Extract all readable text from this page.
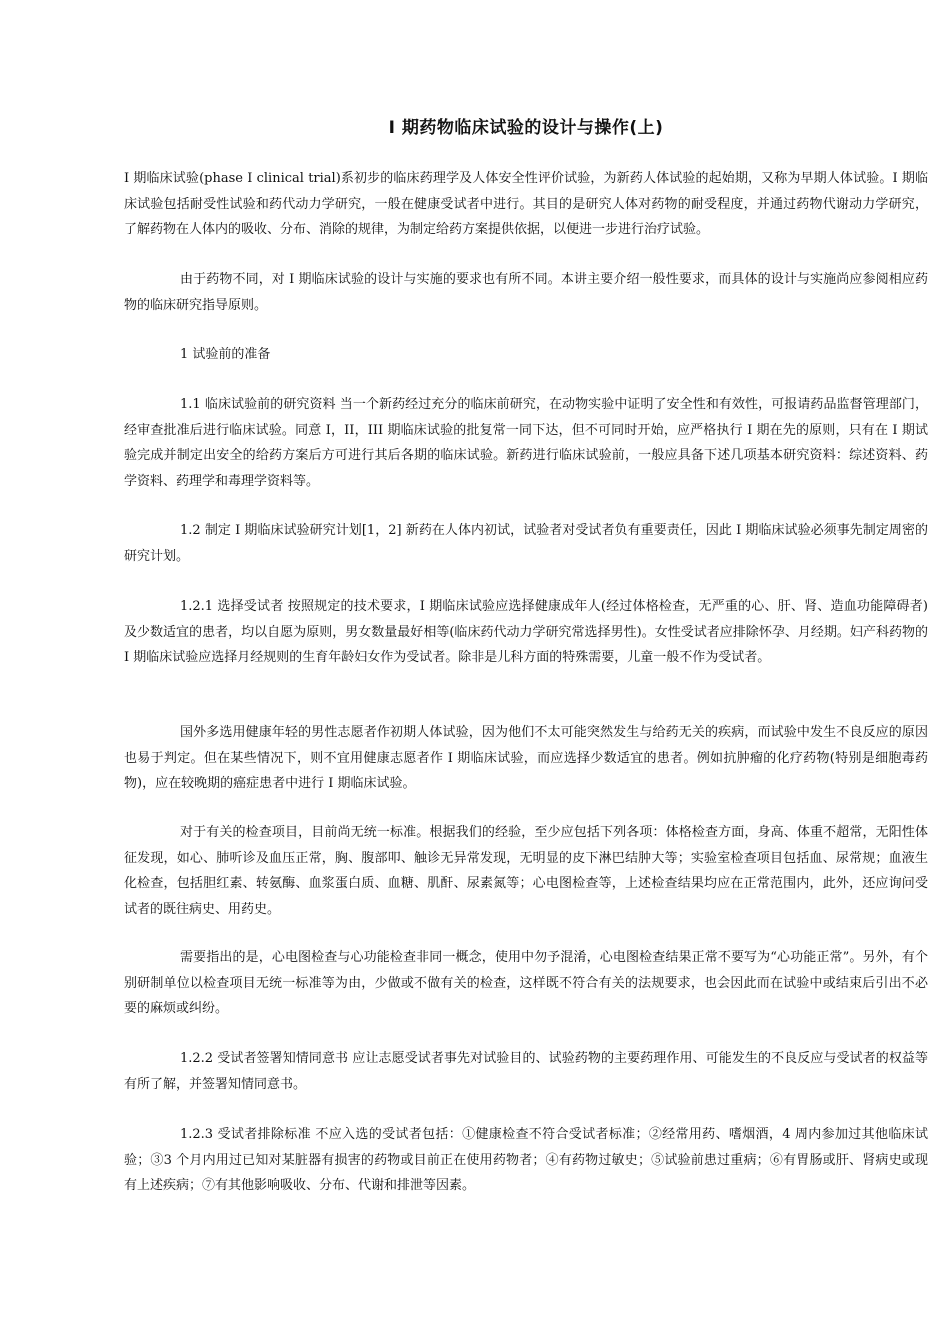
I 期药物临床试验的设计与操作(上)

I 期临床试验(phase I clinical trial)系初步的临床药理学及人体安全性评价试验，为新药人体试验的起始期，又称为早期人体试验。I 期临床试验包括耐受性试验和药代动力学研究，一般在健康受试者中进行。其目的是研究人体对药物的耐受程度，并通过药物代谢动力学研究，了解药物在人体内的吸收、分布、消除的规律，为制定给药方案提供依据，以便进一步进行治疗试验。

由于药物不同，对 I 期临床试验的设计与实施的要求也有所不同。本讲主要介绍一般性要求，而具体的设计与实施尚应参阅相应药物的临床研究指导原则。

1 试验前的准备

1.1 临床试验前的研究资料 当一个新药经过充分的临床前研究，在动物实验中证明了安全性和有效性，可报请药品监督管理部门，经审查批准后进行临床试验。同意 I，II，III 期临床试验的批复常一同下达，但不可同时开始，应严格执行 I 期在先的原则，只有在 I 期试验完成并制定出安全的给药方案后方可进行其后各期的临床试验。新药进行临床试验前，一般应具备下述几项基本研究资料：综述资料、药学资料、药理学和毒理学资料等。

1.2 制定 I 期临床试验研究计划[1，2] 新药在人体内初试，试验者对受试者负有重要责任，因此 I 期临床试验必须事先制定周密的研究计划。

1.2.1 选择受试者 按照规定的技术要求，I 期临床试验应选择健康成年人(经过体格检查，无严重的心、肝、肾、造血功能障碍者)及少数适宜的患者，均以自愿为原则，男女数量最好相等(临床药代动力学研究常选择男性)。女性受试者应排除怀孕、月经期。妇产科药物的 I 期临床试验应选择月经规则的生育年龄妇女作为受试者。除非是儿科方面的特殊需要，儿童一般不作为受试者。

国外多选用健康年轻的男性志愿者作初期人体试验，因为他们不太可能突然发生与给药无关的疾病，而试验中发生不良反应的原因也易于判定。但在某些情况下，则不宜用健康志愿者作 I 期临床试验，而应选择少数适宜的患者。例如抗肿瘤的化疗药物(特别是细胞毒药物)，应在较晚期的癌症患者中进行 I 期临床试验。

对于有关的检查项目，目前尚无统一标准。根据我们的经验，至少应包括下列各项：体格检查方面，身高、体重不超常，无阳性体征发现，如心、肺听诊及血压正常，胸、腹部叩、触诊无异常发现，无明显的皮下淋巴结肿大等；实验室检查项目包括血、尿常规；血液生化检查，包括胆红素、转氨酶、血浆蛋白质、血糖、肌酐、尿素氮等；心电图检查等，上述检查结果均应在正常范围内，此外，还应询问受试者的既往病史、用药史。

需要指出的是，心电图检查与心功能检查非同一概念，使用中勿予混淆，心电图检查结果正常不要写为“心功能正常”。另外，有个别研制单位以检查项目无统一标准等为由，少做或不做有关的检查，这样既不符合有关的法规要求，也会因此而在试验中或结束后引出不必要的麻烦或纠纷。

1.2.2 受试者签署知情同意书 应让志愿受试者事先对试验目的、试验药物的主要药理作用、可能发生的不良反应与受试者的权益等有所了解，并签署知情同意书。

1.2.3 受试者排除标准 不应入选的受试者包括：①健康检查不符合受试者标准；②经常用药、嗜烟酒，4 周内参加过其他临床试验；③3 个月内用过已知对某脏器有损害的药物或目前正在使用药物者；④有药物过敏史；⑤试验前患过重病；⑥有胃肠或肝、肾病史或现有上述疾病；⑦有其他影响吸收、分布、代谢和排泄等因素。
